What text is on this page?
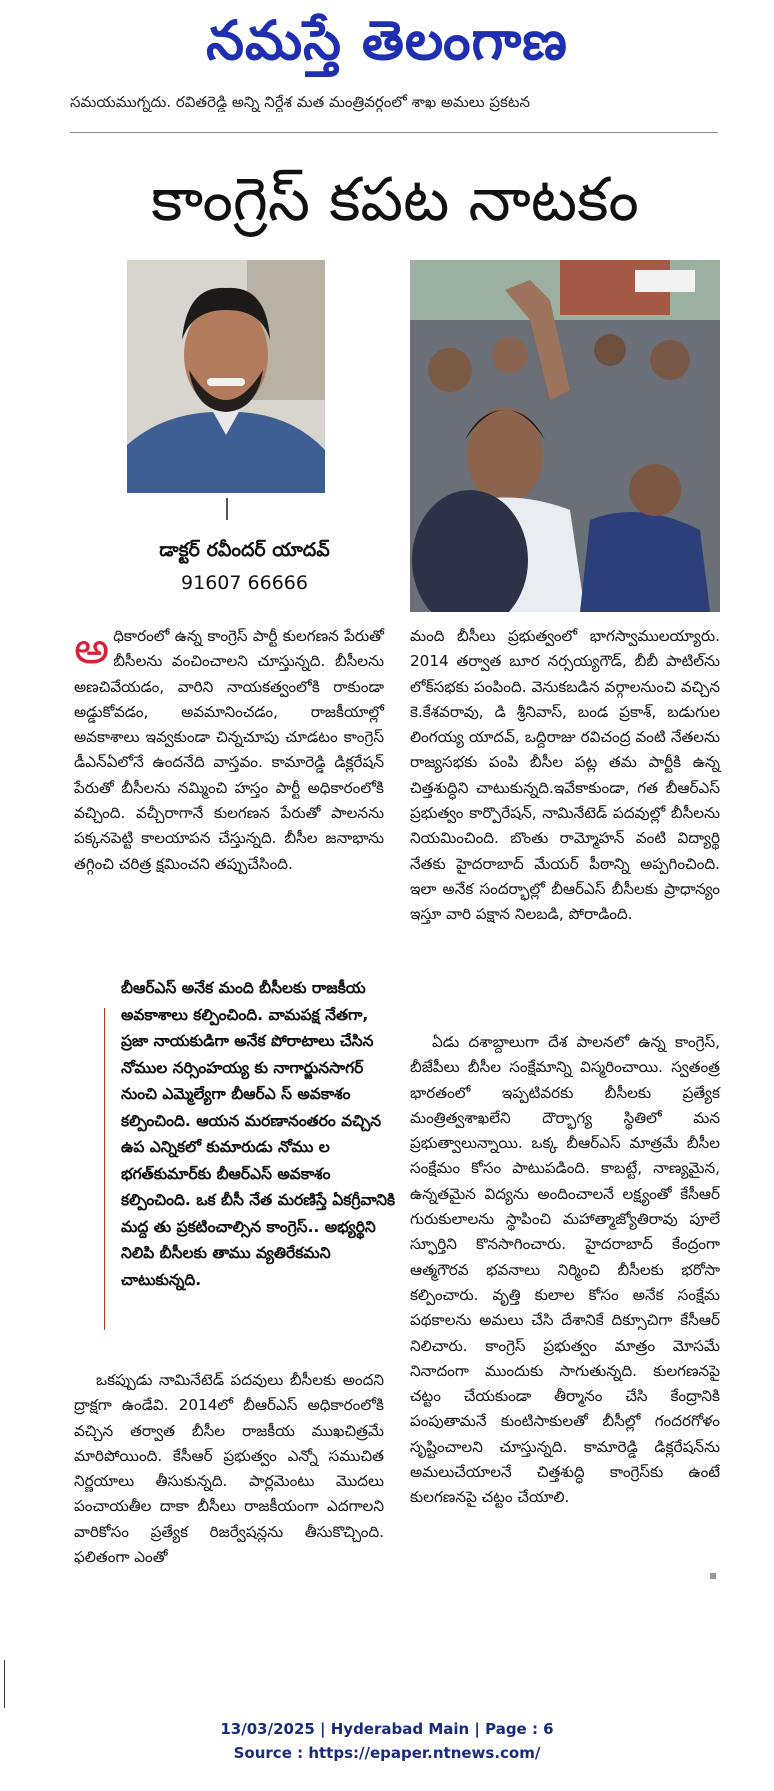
నమస్తే తెలంగాణ
సమయముగ్నదు. రవితరెడ్డి అన్ని నిర్దేశ మత మంత్రివర్గంలో శాఖ అమలు ప్రకటన
కాంగ్రెస్ కపట నాటకం
డాక్టర్ రవీందర్ యాదవ్
91607 66666
అధికారంలో ఉన్న కాంగ్రెస్ పార్టీ కులగణన పేరుతో బీసీలను వంచించాలని చూస్తున్నది. బీసీలను అణచివేయడం, వారిని నాయకత్వంలోకి రాకుండా అడ్డుకోవడం, అవమానించడం, రాజకీయాల్లో అవకాశాలు ఇవ్వకుండా చిన్నచూపు చూడటం కాంగ్రెస్ డీఎన్ఏలోనే ఉందనేది వాస్తవం. కామారెడ్డి డిక్లరేషన్ పేరుతో బీసీలను నమ్మించి హస్తం పార్టీ అధికారంలోకి వచ్చింది. వచ్చీరాగానే కులగణన పేరుతో పాలనను పక్కనపెట్టి కాలయాపన చేస్తున్నది. బీసీల జనాభాను తగ్గించి చరిత్ర క్షమించని తప్పుచేసింది.
బీఆర్ఎస్ అనేక మంది బీసీలకు రాజకీయ అవకాశాలు కల్పించింది. వామపక్ష నేతగా, ప్రజా నాయకుడిగా అనేక పోరాటాలు చేసిన నోముల నర్సింహయ్య కు నాగార్జునసాగర్ నుంచి ఎమ్మెల్యేగా బీఆర్ఎ స్ అవకాశం కల్పించింది. ఆయన మరణానంతరం వచ్చిన ఉప ఎన్నికలో కుమారుడు నోము ల భగత్‌కుమార్‌కు బీఆర్ఎస్ అవకాశం కల్పించింది. ఒక బీసీ నేత మరణిస్తే ఏకగ్రీవానికి మద్ద తు ప్రకటించాల్సిన కాంగ్రెస్.. అభ్యర్థిని నిలిపి బీసీలకు తాము వ్యతిరేకమని చాటుకున్నది.

ఒకప్పుడు నామినేటెడ్ పదవులు బీసీలకు అందని ద్రాక్షగా ఉండేవి. 2014లో బీఆర్ఎస్ అధికారంలోకి వచ్చిన తర్వాత బీసీల రాజకీయ ముఖచిత్రమే మారిపోయింది. కేసీఆర్ ప్రభుత్వం ఎన్నో సముచిత నిర్ణయాలు తీసుకున్నది. పార్లమెంటు మొదలు పంచాయతీల దాకా బీసీలు రాజకీయంగా ఎదగాలని వారికోసం ప్రత్యేక రిజర్వేషన్లను తీసుకొచ్చింది. ఫలితంగా ఎంతో

మంది బీసీలు ప్రభుత్వంలో భాగస్వాములయ్యారు. 2014 తర్వాత బూర నర్సయ్యగౌడ్, బీబీ పాటిల్‌ను లోక్‌సభకు పంపింది. వెనుకబడిన వర్గాలనుంచి వచ్చిన కె.కేశవరావు, డి శ్రీనివాస్, బండ ప్రకాశ్, బడుగుల లింగయ్య యాదవ్, ఒద్దిరాజు రవిచంద్ర వంటి నేతలను రాజ్యసభకు పంపి బీసీల పట్ల తమ పార్టీకి ఉన్న చిత్తశుద్ధిని చాటుకున్నది.ఇవేకాకుండా, గత బీఆర్ఎస్ ప్రభుత్వం కార్పొరేషన్, నామినేటెడ్ పదవుల్లో బీసీలను నియమించింది. బొంతు రామ్మోహన్ వంటి విద్యార్థి నేతకు హైదరాబాద్ మేయర్ పీఠాన్ని అప్పగించింది. ఇలా అనేక సందర్భాల్లో బీఆర్ఎస్ బీసీలకు ప్రాధాన్యం ఇస్తూ వారి పక్షాన నిలబడి, పోరాడింది.

ఏడు దశాబ్దాలుగా దేశ పాలనలో ఉన్న కాంగ్రెస్, బీజేపీలు బీసీల సంక్షేమాన్ని విస్మరించాయి. స్వతంత్ర భారతంలో ఇప్పటివరకు బీసీలకు ప్రత్యేక మంత్రిత్వశాఖలేని దౌర్భాగ్య స్థితిలో మన ప్రభుత్వాలున్నాయి. ఒక్క బీఆర్ఎస్ మాత్రమే బీసీల సంక్షేమం కోసం పాటుపడింది. కాబట్టే, నాణ్యమైన, ఉన్నతమైన విద్యను అందించాలనే లక్ష్యంతో కేసీఆర్ గురుకులాలను స్థాపించి మహాత్మాజ్యోతిరావు పూలే స్ఫూర్తిని కొనసాగించారు. హైదరాబాద్ కేంద్రంగా ఆత్మగౌరవ భవనాలు నిర్మించి బీసీలకు భరోసా కల్పించారు. వృత్తి కులాల కోసం అనేక సంక్షేమ పథకాలను అమలు చేసి దేశానికే దిక్సూచిగా కేసీఆర్ నిలిచారు. కాంగ్రెస్ ప్రభుత్వం మాత్రం మోసమే నినాదంగా ముందుకు సాగుతున్నది. కులగణనపై చట్టం చేయకుండా తీర్మానం చేసి కేంద్రానికి పంపుతామనే కుంటిసాకులతో బీసీల్లో గందరగోళం సృష్టించాలని చూస్తున్నది. కామారెడ్డి డిక్లరేషన్‌ను అమలుచేయాలనే చిత్తశుద్ధి కాంగ్రెస్‌కు ఉంటే కులగణనపై చట్టం చేయాలి.

13/03/2025 | Hyderabad Main | Page : 6
Source : https://epaper.ntnews.com/
